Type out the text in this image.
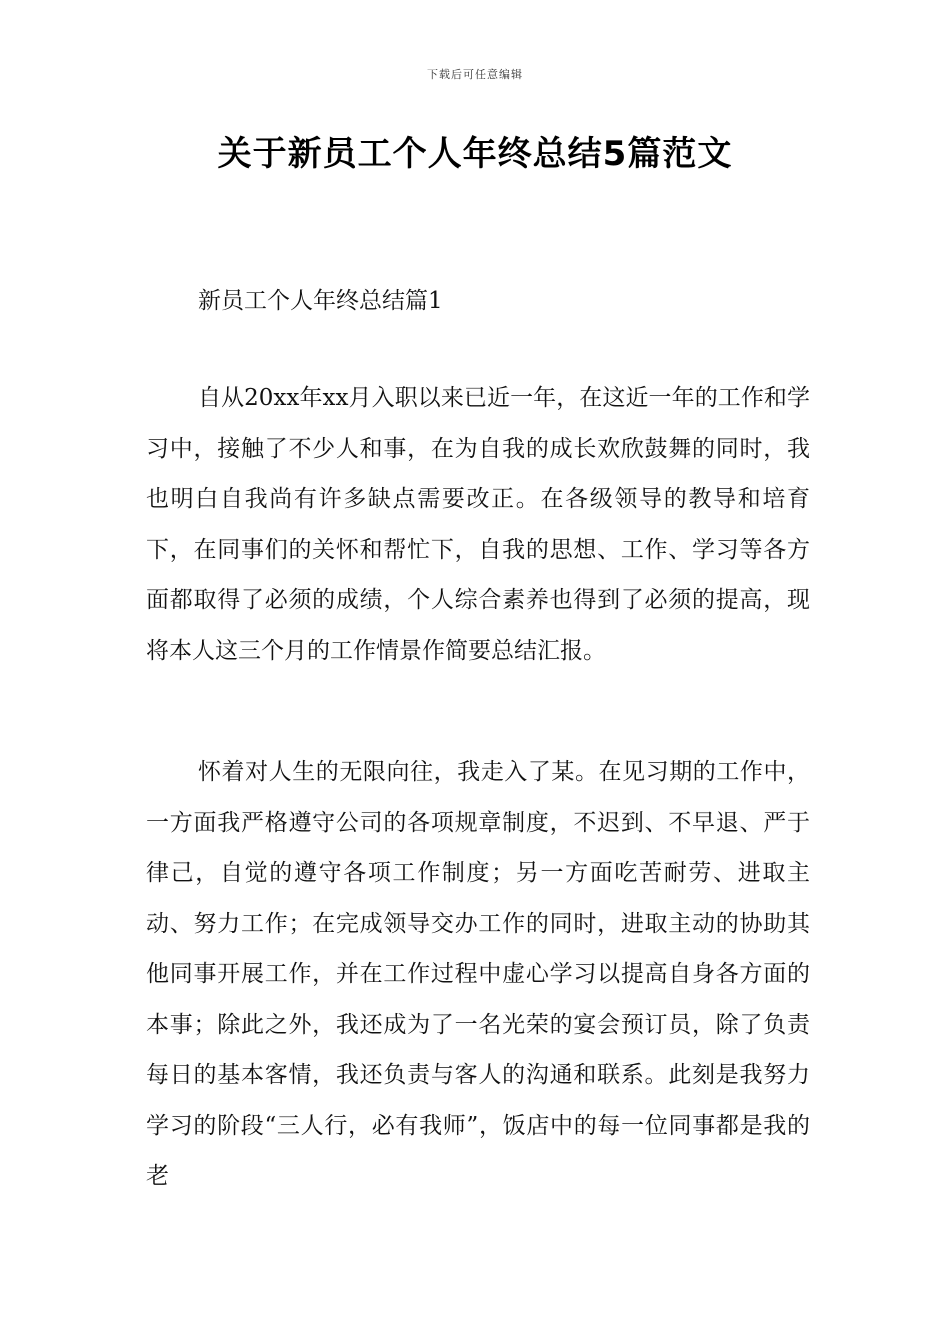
下载后可任意编辑
关于新员工个人年终总结5篇范文
新员工个人年终总结篇1

自从20xx年xx月入职以来已近一年，在这近一年的工作和学习中，接触了不少人和事，在为自我的成长欢欣鼓舞的同时，我也明白自我尚有许多缺点需要改正。在各级领导的教导和培育下，在同事们的关怀和帮忙下，自我的思想、工作、学习等各方面都取得了必须的成绩，个人综合素养也得到了必须的提高，现将本人这三个月的工作情景作简要总结汇报。

怀着对人生的无限向往，我走入了某。在见习期的工作中，一方面我严格遵守公司的各项规章制度，不迟到、不早退、严于律己，自觉的遵守各项工作制度；另一方面吃苦耐劳、进取主动、努力工作；在完成领导交办工作的同时，进取主动的协助其他同事开展工作，并在工作过程中虚心学习以提高自身各方面的本事；除此之外，我还成为了一名光荣的宴会预订员，除了负责每日的基本客情，我还负责与客人的沟通和联系。此刻是我努力学习的阶段“三人行，必有我师”，饭店中的每一位同事都是我的老
